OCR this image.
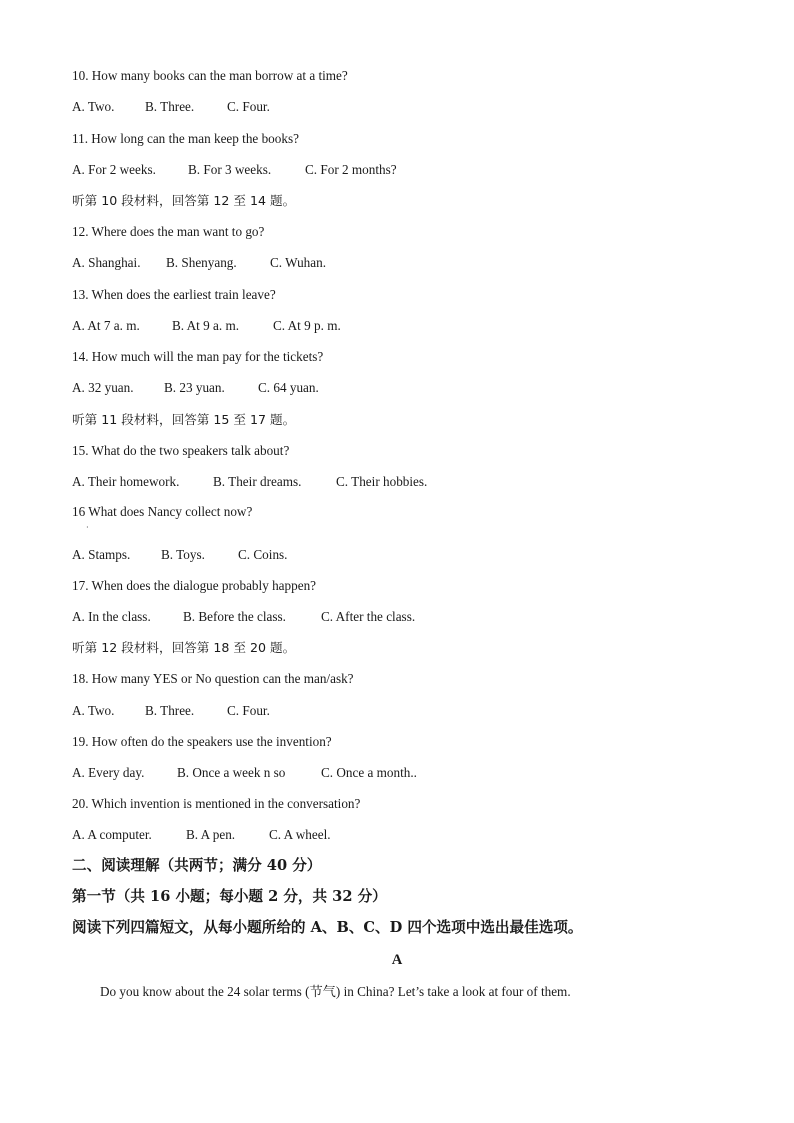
10. How many books can the man borrow at a time?
A. Two. B. Three. C. Four.
11. How long can the man keep the books?
A. For 2 weeks. B. For 3 weeks.	C. For 2 months?
听第 10 段材料，回答第 12 至 14 题。
12. Where does the man want to go?
A. Shanghai. B. Shenyang.	C. Wuhan.
13. When does the earliest train leave?
A. At 7 a. m. B. At 9 a. m.	C. At 9 p. m.
14. How much will the man pay for the tickets?
A. 32 yuan. B. 23 yuan.	C. 64 yuan.
听第 11 段材料，回答第 15 至 17 题。
15. What do the two speakers talk about?
A. Their homework.	B. Their dreams.	C. Their hobbies.
16 What does Nancy collect now?
·
A. Stamps. B. Toys.	C. Coins.
17. When does the dialogue probably happen?
A. In the class. B. Before the class.	C. After the class.
听第 12 段材料，回答第 18 至 20 题。
18. How many YES or No question can the man/ask?
A. Two. B. Three. C. Four.
19. How often do the speakers use the invention?
A. Every day. B. Once a week n so	C. Once a month..
20. Which invention is mentioned in the conversation?
A. A computer.	B. A pen.	C. A wheel.
二、阅读理解（共两节；满分 40 分）
第一节（共 16 小题；每小题 2 分，共 32 分）
阅读下列四篇短文，从每小题所给的 A、B、C、D 四个选项中选出最佳选项。
A
Do you know about the 24 solar terms (节气) in China? Let’s take a look at four of them.
